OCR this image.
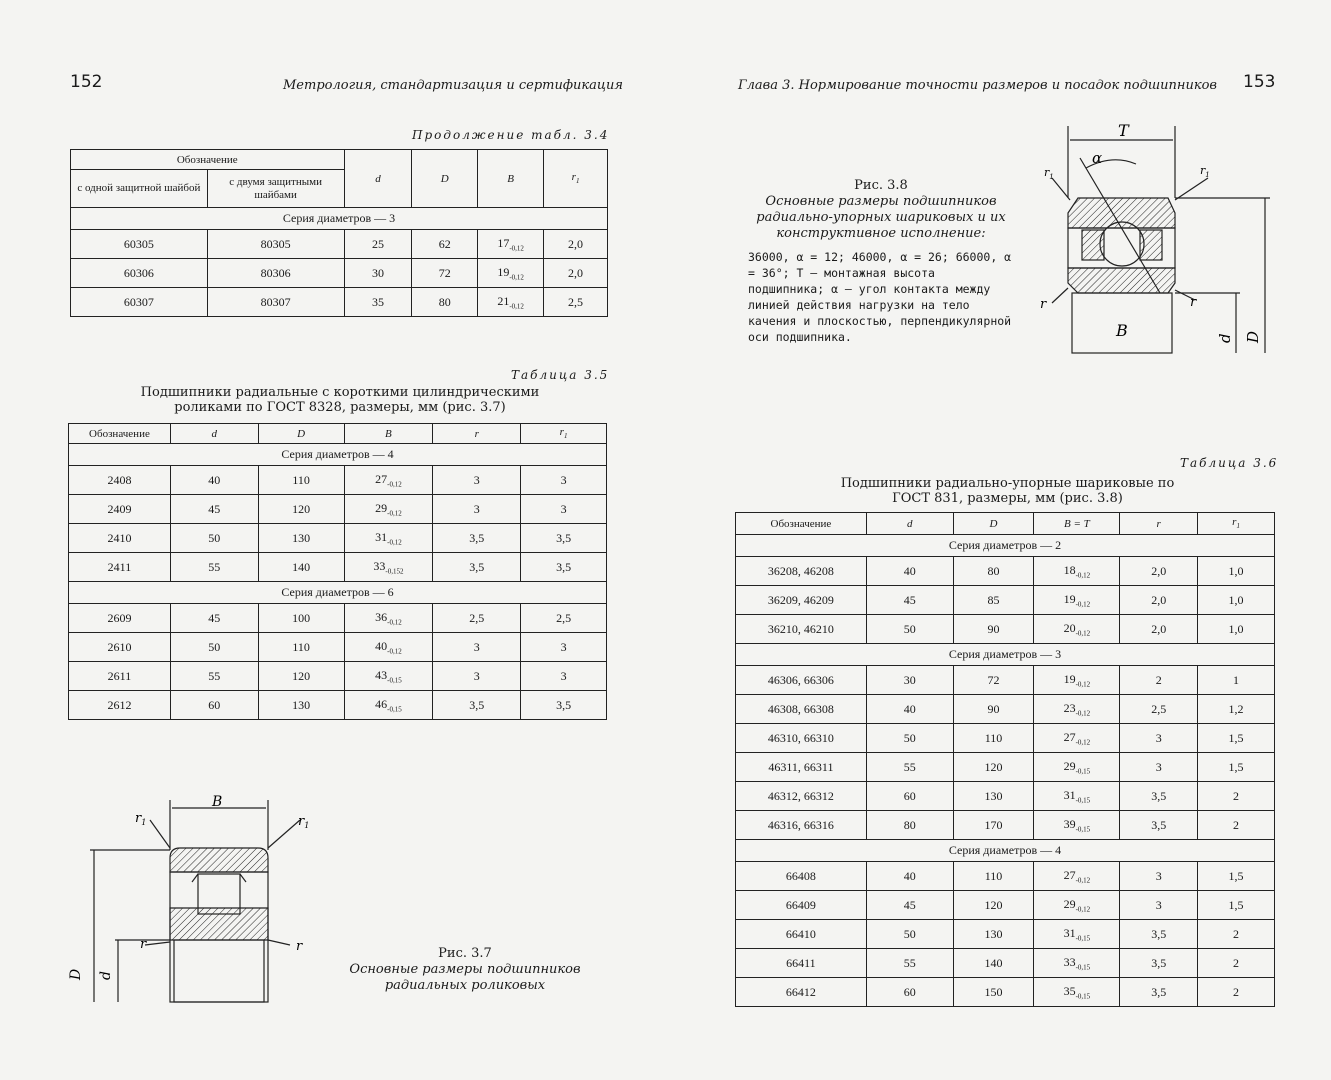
152	Метрология, стандартизация и сертификация
Продолжение табл. 3.4
Обозначение		d	D	B	$r_1$
с одной защитной шайбой	с двумя защитными шайбами				
Серия диаметров — 3					
60305	80305	25	62	$17_{-0,12}$	2,0
60306	80306	30	72	$19_{-0,12}$	2,0
60307	80307	35	80	$21_{-0,12}$	2,5
Таблица 3.5
Подшипники радиальные с короткими цилиндрическими роликами по ГОСТ 8328, размеры, мм (рис. 3.7)
Обозначение	d	D	B	r	$r_1$
Серия диаметров — 4					
2408	40	110	$27_{-0,12}$	3	3
2409	45	120	$29_{-0,12}$	3	3
2410	50	130	$31_{-0,12}$	3,5	3,5
2411	55	140	$33_{-0,152}$	3,5	3,5
Серия диаметров — 6					
2609	45	100	$36_{-0,12}$	2,5	2,5
2610	50	110	$40_{-0,12}$	3	3
2611	55	120	$43_{-0,15}$	3	3
2612	60	130	$46_{-0,15}$	3,5	3,5
B
$r_1$	$r_1$
r	r
D d
Рис. 3.7
Основные размеры подшипников радиальных роликовых
Глава 3. Нормирование точности размеров и посадок подшипников 153
Рис. 3.8
Основные размеры подшипников радиально-упорных шариковых и их конструктивное исполнение:
36000, α = 12; 46000, α = 26; 66000, α = 36°; T — монтажная высота подшипника; α — угол контакта между линией действия нагрузки на тело качения и плоскостью, перпендикулярной оси подшипника.
T
α
$r_1$	$r_1$
r	r
B	d D
Таблица 3.6
Подшипники радиально-упорные шариковые по ГОСТ 831, размеры, мм (рис. 3.8)
Обозначение	d	D	B = T	r	$r_1$
Серия диаметров — 2					
36208, 46208	40	80	$18_{-0,12}$	2,0	1,0
36209, 46209	45	85	$19_{-0,12}$	2,0	1,0
36210, 46210	50	90	$20_{-0,12}$	2,0	1,0
Серия диаметров — 3					
46306, 66306	30	72	$19_{-0,12}$	2	1
46308, 66308	40	90	$23_{-0,12}$	2,5	1,2
46310, 66310	50	110	$27_{-0,12}$	3	1,5
46311, 66311	55	120	$29_{-0,15}$	3	1,5
46312, 66312	60	130	$31_{-0,15}$	3,5	2
46316, 66316	80	170	$39_{-0,15}$	3,5	2
Серия диаметров — 4					
66408	40	110	$27_{-0,12}$	3	1,5
66409	45	120	$29_{-0,12}$	3	1,5
66410	50	130	$31_{-0,15}$	3,5	2
66411	55	140	$33_{-0,15}$	3,5	2
66412	60	150	$35_{-0,15}$	3,5	2
